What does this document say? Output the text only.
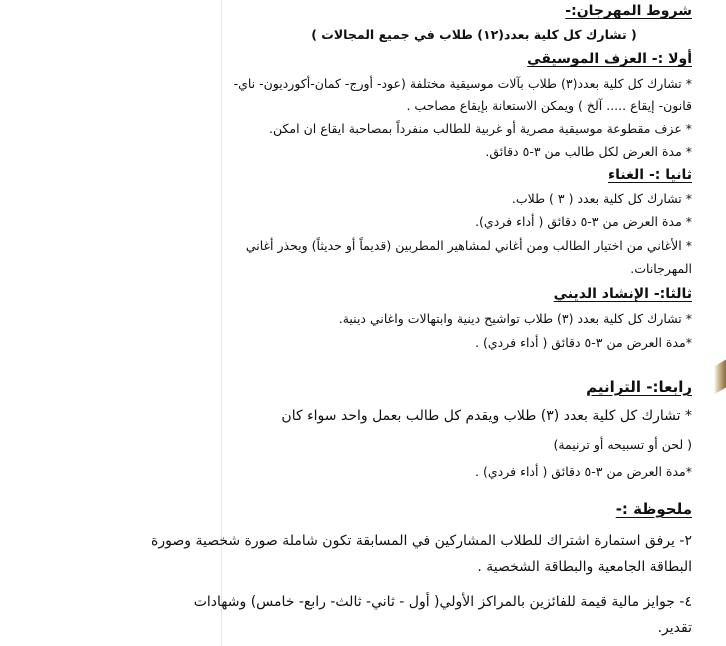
شروط المهرجان:-
( تشارك كل كلية بعدد(١٢) طلاب في جميع المجالات )
أولا :- العزف الموسيقي
* تشارك كل كلية بعدد(٣) طلاب بآلات موسيقية مختلفة (عود- أورج- كمان-أكورديون- ناي-
قانون- إيقاع ..... آلخ ) ويمكن الاستعانة بإيقاع مصاحب .
* عزف مقطوعة موسيقية مصرية أو غربية للطالب منفرداً بمصاحبة ايقاع ان امكن.
* مدة العرض لكل طالب من ٣-٥ دقائق.
ثانيا :- الغناء
* تشارك كل كلية بعدد ( ٣ ) طلاب.
* مدة العرض من ٣-٥ دقائق ( أداء فردي).
* الأغاني من اختيار الطالب ومن أغاني لمشاهير المطربين (قديماً أو حديثاً) ويحذر أغاني
المهرجانات.
ثالثا:- الإنشاد الديني
* تشارك كل كلية بعدد (٣) طلاب تواشيح دينية وابتهالات واغاني دينية.
*مدة العرض من ٣-٥ دقائق ( أداء فردي) .
رابعا:- الترانيم
* تشارك كل كلية بعدد (٣) طلاب ويقدم كل طالب بعمل واحد سواء كان
( لحن أو تسبيحه أو ترنيمة)
*مدة العرض من ٣-٥ دقائق ( أداء فردي) .
ملحوظة :-
٢- يرفق استمارة اشتراك للطلاب المشاركين في المسابقة تكون شاملة صورة شخصية وصورة
البطاقة الجامعية والبطاقة الشخصية .
٤- جوايز مالية قيمة للفائزين بالمراكز الأولي( أول - ثاني- ثالث- رابع- خامس) وشهادات
تقدير.
